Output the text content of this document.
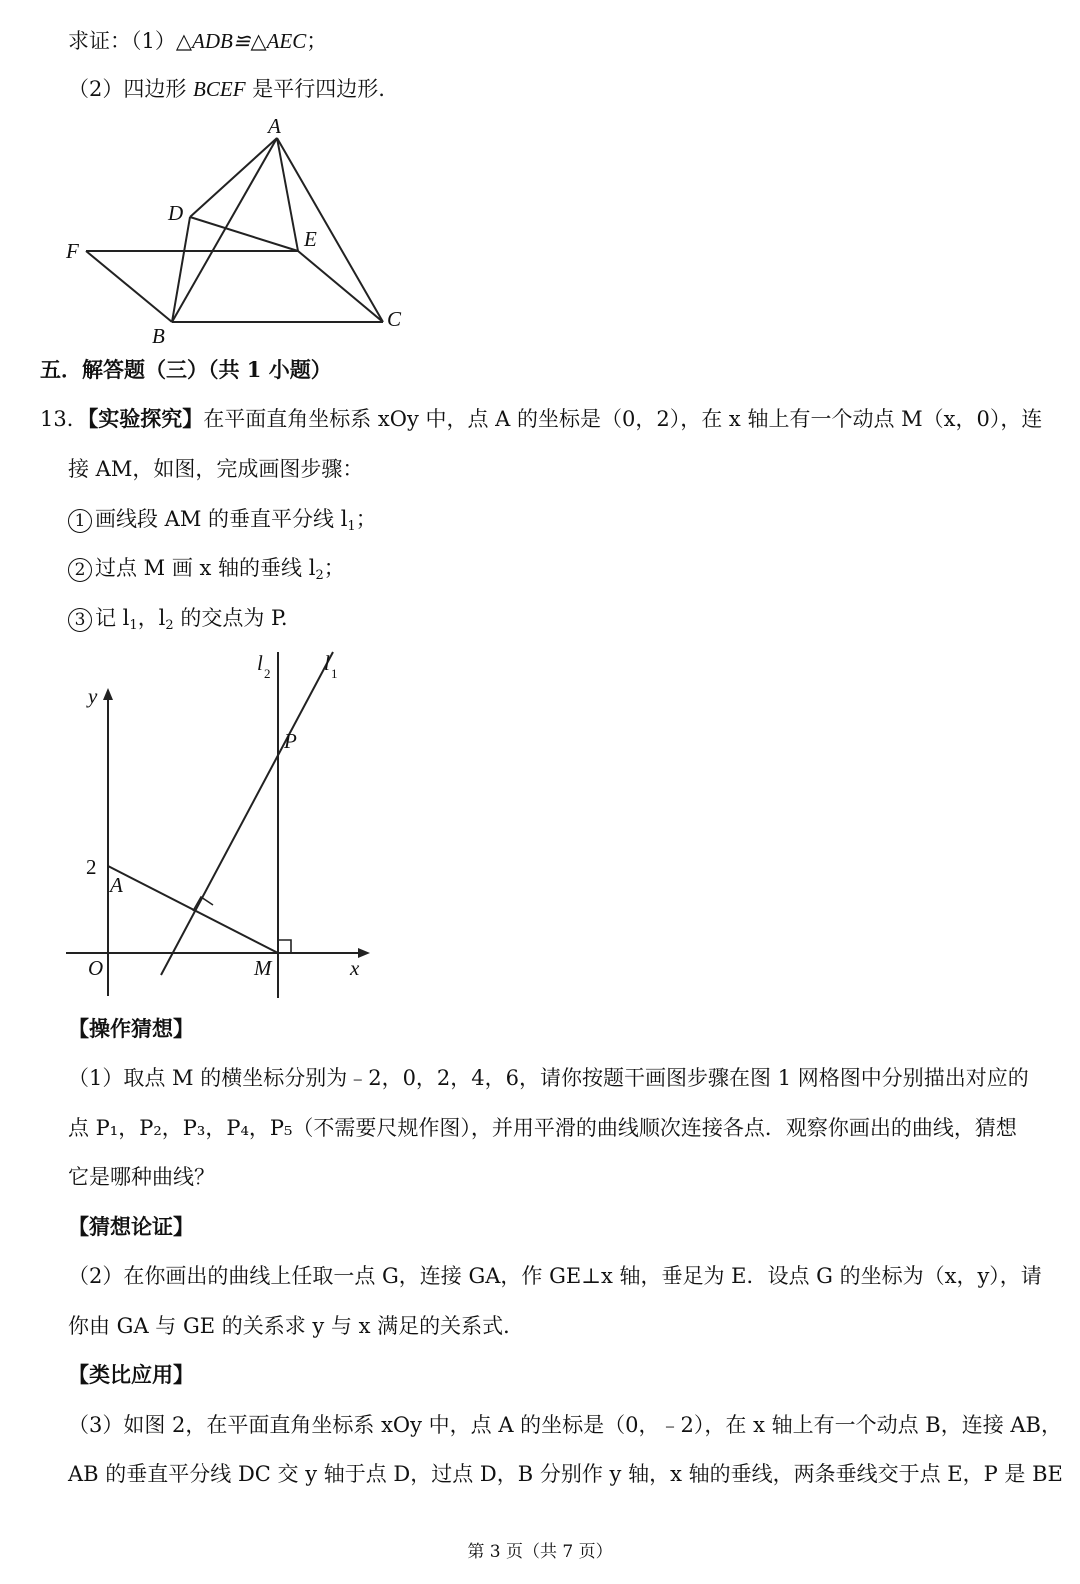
求证：（1）△ADB≌△AEC；
（2）四边形 BCEF 是平行四边形.
A
D
E
F
B
C
y
x
O	M
A
P
2
l 2	l 1
五．解答题（三）（共 1 小题）
13．【实验探究】在平面直角坐标系 xOy 中，点 A 的坐标是（0，2），在 x 轴上有一个动点 M（x，0），连
接 AM，如图，完成画图步骤：
1 画线段 AM 的垂直平分线 $l_1$；
2 过点 M 画 x 轴的垂线 $l_2$；
3 记 $l_1$，$l_2$ 的交点为 P.
【操作猜想】
（1）取点 M 的横坐标分别为﹣2，0，2，4，6，请你按题干画图步骤在图 1 网格图中分别描出对应的
点 P₁，P₂，P₃，P₄，P₅（不需要尺规作图），并用平滑的曲线顺次连接各点．观察你画出的曲线，猜想
它是哪种曲线？
【猜想论证】
（2）在你画出的曲线上任取一点 G，连接 GA，作 GE⊥x 轴，垂足为 E．设点 G 的坐标为（x，y），请
你由 GA 与 GE 的关系求 y 与 x 满足的关系式．
【类比应用】
（3）如图 2，在平面直角坐标系 xOy 中，点 A 的坐标是（0，﹣2），在 x 轴上有一个动点 B，连接 AB，
AB 的垂直平分线 DC 交 y 轴于点 D，过点 D，B 分别作 y 轴，x 轴的垂线，两条垂线交于点 E，P 是 BE
第 3 页（共 7 页）
